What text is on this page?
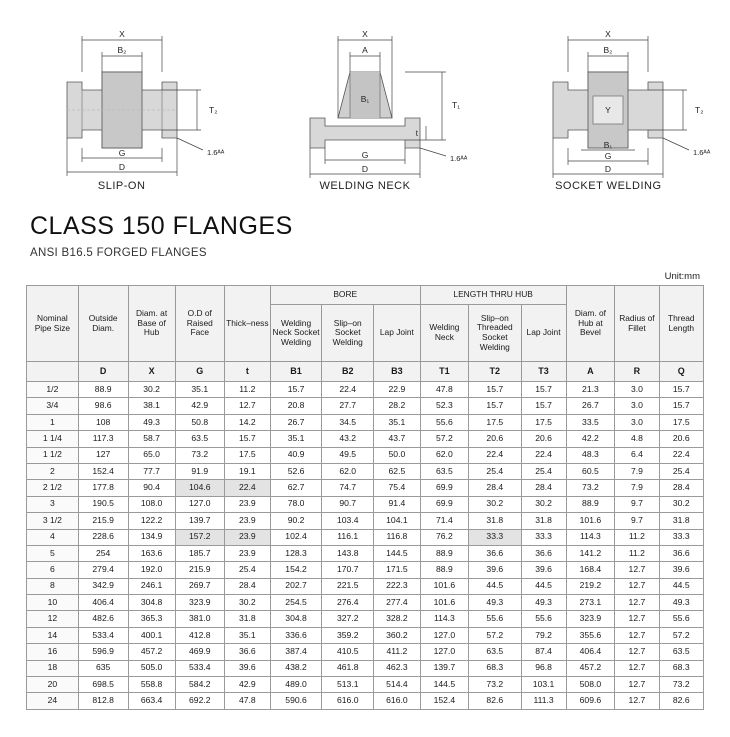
X
B₂
G
D
T₂
1.6ᴬᴬ
SLIP-ON
X
A
B₁
G
D
T₁
t
1.6ᴬᴬ
WELDING NECK
X
B₂
Y
B₁
G
D
T₂
1.6ᴬᴬ
SOCKET WELDING
CLASS 150 FLANGES

ANSI B16.5 FORGED FLANGES

Unit:mm
Nominal Pipe Size	Outside Diam.	Diam. at Base of Hub	O.D of Raised Face	Thick–ness	BORE			LENGTH THRU HUB			Diam. of Hub at Bevel	Radius of Fillet	Thread Length
					Welding Neck Socket Welding	Slip–on Socket Welding	Lap Joint	Welding Neck	Slip–on Threaded Socket Welding	Lap Joint			
	D	X	G	t	B1	B2	B3	T1	T2	T3	A	R	Q
1/2	88.9	30.2	35.1	11.2	15.7	22.4	22.9	47.8	15.7	15.7	21.3	3.0	15.7
3/4	98.6	38.1	42.9	12.7	20.8	27.7	28.2	52.3	15.7	15.7	26.7	3.0	15.7
1	108	49.3	50.8	14.2	26.7	34.5	35.1	55.6	17.5	17.5	33.5	3.0	17.5
1 1/4	117.3	58.7	63.5	15.7	35.1	43.2	43.7	57.2	20.6	20.6	42.2	4.8	20.6
1 1/2	127	65.0	73.2	17.5	40.9	49.5	50.0	62.0	22.4	22.4	48.3	6.4	22.4
2	152.4	77.7	91.9	19.1	52.6	62.0	62.5	63.5	25.4	25.4	60.5	7.9	25.4
2 1/2	177.8	90.4	104.6	22.4	62.7	74.7	75.4	69.9	28.4	28.4	73.2	7.9	28.4
3	190.5	108.0	127.0	23.9	78.0	90.7	91.4	69.9	30.2	30.2	88.9	9.7	30.2
3 1/2	215.9	122.2	139.7	23.9	90.2	103.4	104.1	71.4	31.8	31.8	101.6	9.7	31.8
4	228.6	134.9	157.2	23.9	102.4	116.1	116.8	76.2	33.3	33.3	114.3	11.2	33.3
5	254	163.6	185.7	23.9	128.3	143.8	144.5	88.9	36.6	36.6	141.2	11.2	36.6
6	279.4	192.0	215.9	25.4	154.2	170.7	171.5	88.9	39.6	39.6	168.4	12.7	39.6
8	342.9	246.1	269.7	28.4	202.7	221.5	222.3	101.6	44.5	44.5	219.2	12.7	44.5
10	406.4	304.8	323.9	30.2	254.5	276.4	277.4	101.6	49.3	49.3	273.1	12.7	49.3
12	482.6	365.3	381.0	31.8	304.8	327.2	328.2	114.3	55.6	55.6	323.9	12.7	55.6
14	533.4	400.1	412.8	35.1	336.6	359.2	360.2	127.0	57.2	79.2	355.6	12.7	57.2
16	596.9	457.2	469.9	36.6	387.4	410.5	411.2	127.0	63.5	87.4	406.4	12.7	63.5
18	635	505.0	533.4	39.6	438.2	461.8	462.3	139.7	68.3	96.8	457.2	12.7	68.3
20	698.5	558.8	584.2	42.9	489.0	513.1	514.4	144.5	73.2	103.1	508.0	12.7	73.2
24	812.8	663.4	692.2	47.8	590.6	616.0	616.0	152.4	82.6	111.3	609.6	12.7	82.6
